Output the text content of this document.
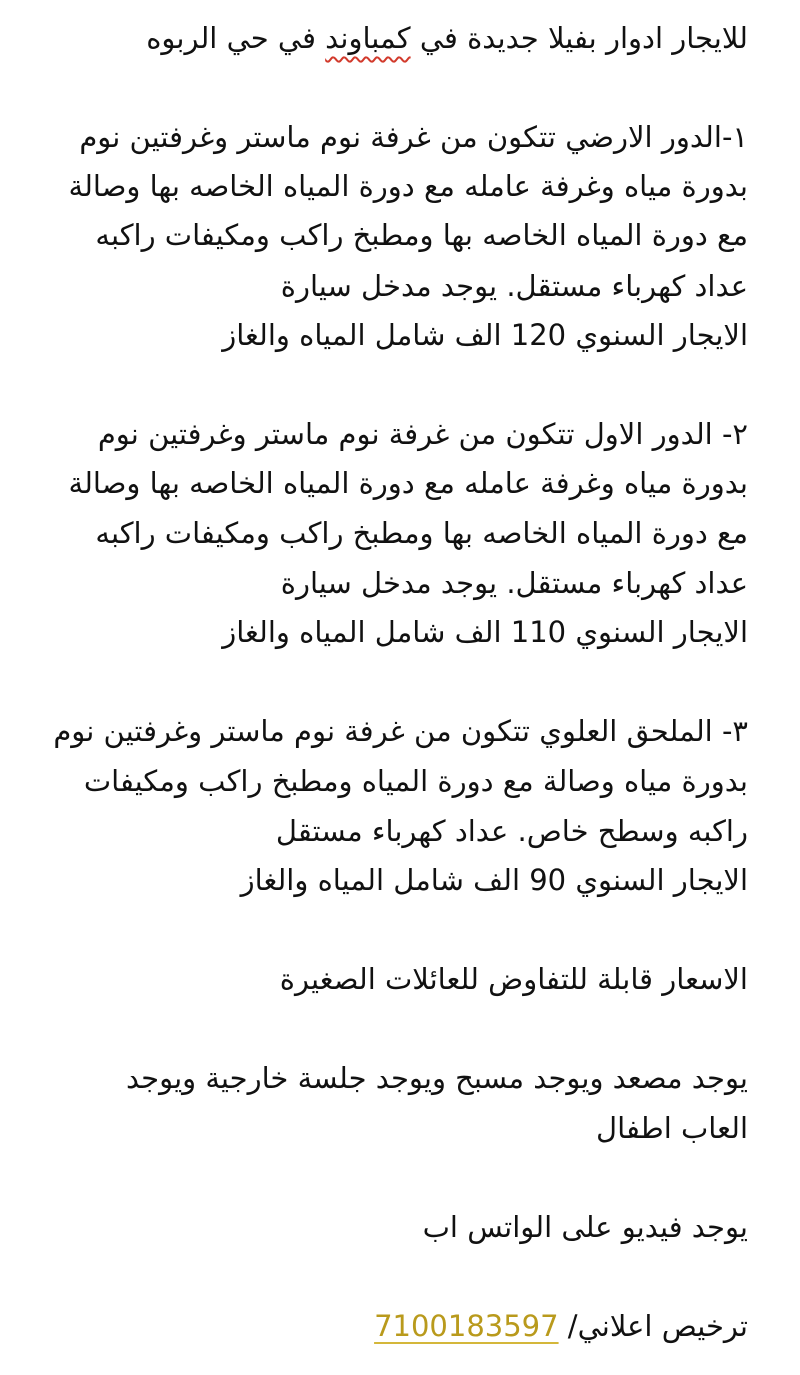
للايجار ادوار بفيلا جديدة في كمباوند في حي الربوه

١-الدور الارضي تتكون من غرفة نوم ماستر وغرفتين نوم

بدورة مياه وغرفة عامله مع دورة المياه الخاصه بها وصالة

مع دورة المياه الخاصه بها ومطبخ راكب ومكيفات راكبه

عداد كهرباء مستقل. يوجد مدخل سيارة

الايجار السنوي 120 الف شامل المياه والغاز

٢- الدور الاول تتكون من غرفة نوم ماستر وغرفتين نوم

بدورة مياه وغرفة عامله مع دورة المياه الخاصه بها وصالة

مع دورة المياه الخاصه بها ومطبخ راكب ومكيفات راكبه

عداد كهرباء مستقل. يوجد مدخل سيارة

الايجار السنوي 110 الف شامل المياه والغاز

٣- الملحق العلوي تتكون من غرفة نوم ماستر وغرفتين نوم

بدورة مياه وصالة مع دورة المياه ومطبخ راكب ومكيفات

راكبه وسطح خاص. عداد كهرباء مستقل

الايجار السنوي 90 الف شامل المياه والغاز

الاسعار قابلة للتفاوض للعائلات الصغيرة

يوجد مصعد ويوجد مسبح ويوجد جلسة خارجية ويوجد

العاب اطفال

يوجد فيديو على الواتس اب

ترخيص اعلاني/ 7100183597
